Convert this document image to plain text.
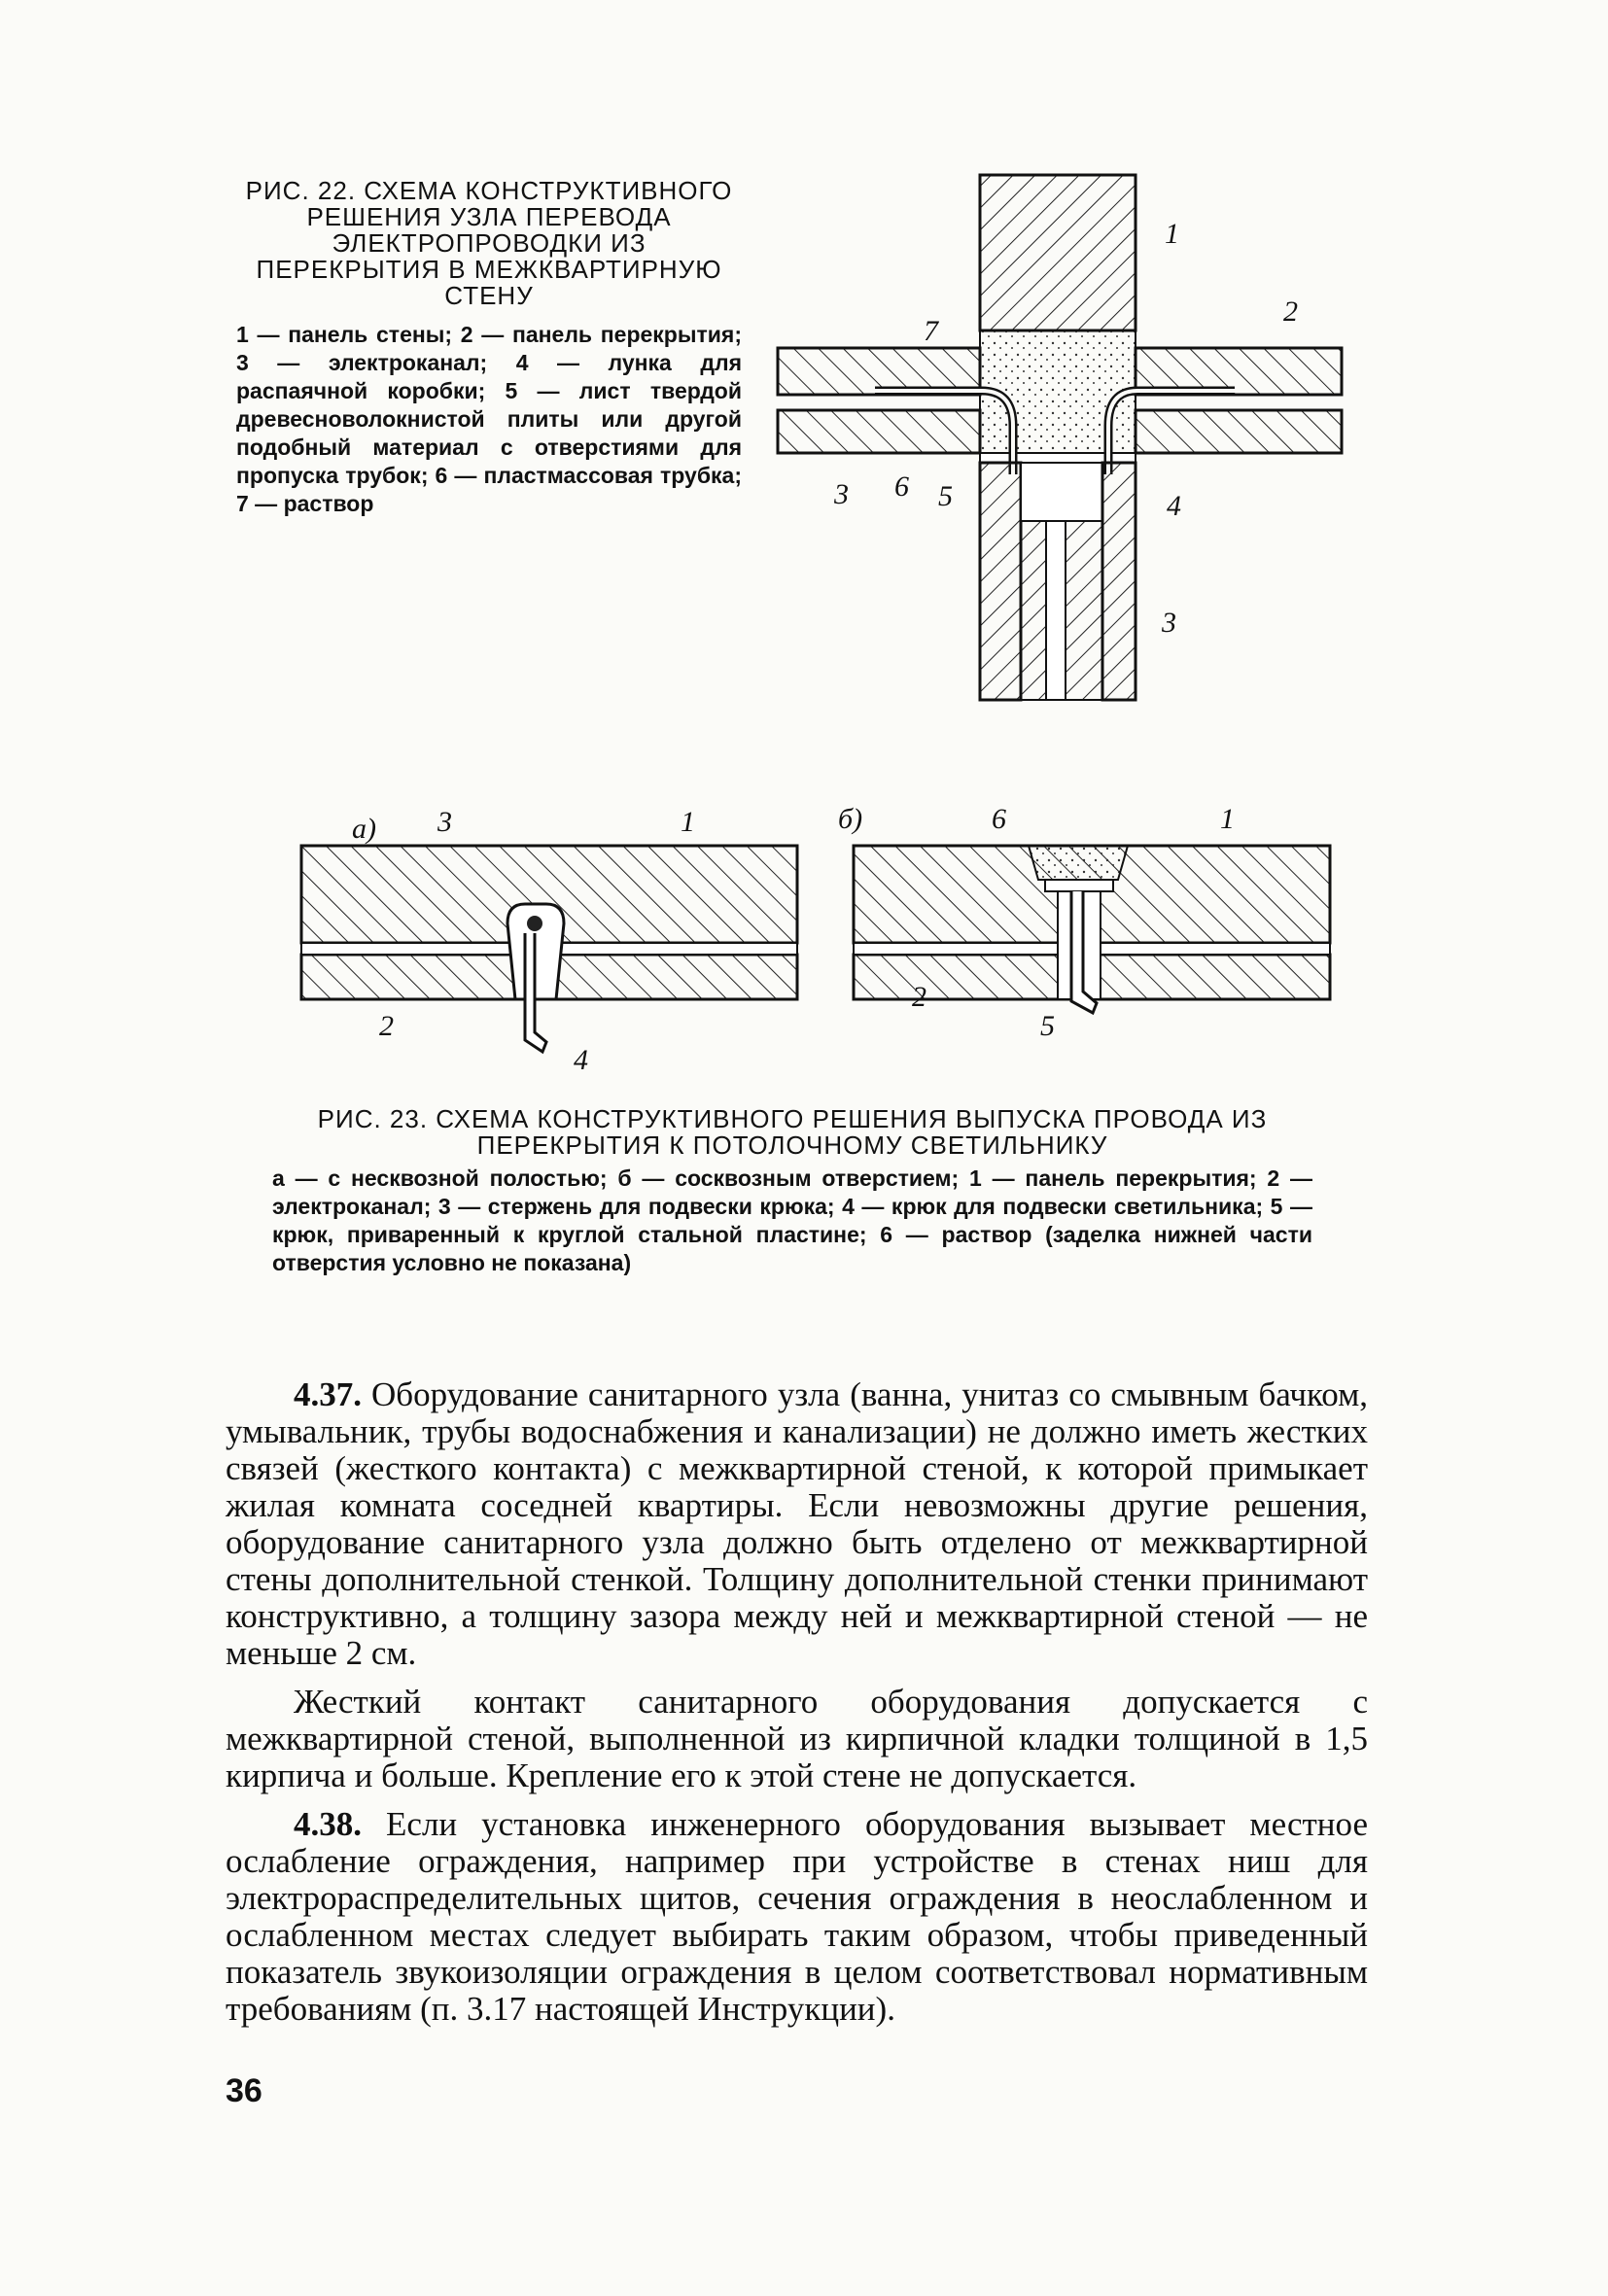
РИС. 22. СХЕМА КОНСТРУКТИВНОГО РЕШЕНИЯ УЗЛА ПЕРЕВОДА ЭЛЕКТРОПРОВОДКИ ИЗ ПЕРЕКРЫТИЯ В МЕЖКВАРТИРНУЮ СТЕНУ
1 — панель стены; 2 — панель перекрытия; 3 — электроканал; 4 — лунка для распаячной коробки; 5 — лист твердой древесноволокнистой плиты или другой подобный материал с отверстиями для пропуска трубок; 6 — пластмассовая трубка; 7 — раствор
1
2
3
3
4
5
6
7
а) 3	1
2
4
б)	6	1
2
5
РИС. 23. СХЕМА КОНСТРУКТИВНОГО РЕШЕНИЯ ВЫПУСКА ПРОВОДА ИЗ ПЕРЕКРЫТИЯ К ПОТОЛОЧНОМУ СВЕТИЛЬНИКУ
а — с несквозной полостью; б — сосквозным отверстием; 1 — панель перекрытия; 2 — электроканал; 3 — стержень для подвески крюка; 4 — крюк для подвески светильника; 5 — крюк, приваренный к круглой стальной пластине; 6 — раствор (заделка нижней части отверстия условно не показана)

4.37. Оборудование санитарного узла (ванна, унитаз со смывным бачком, умывальник, трубы водоснабжения и канализации) не должно иметь жестких связей (жесткого контакта) с межквартирной стеной, к которой примыкает жилая комната соседней квартиры. Если невозможны другие решения, оборудование санитарного узла должно быть отделено от межквартирной стены дополнительной стенкой. Толщину дополнительной стенки принимают конструктивно, а толщину зазора между ней и межквартирной стеной — не меньше 2 см.

Жесткий контакт санитарного оборудования допускается с межквартирной стеной, выполненной из кирпичной кладки толщиной в 1,5 кирпича и больше. Крепление его к этой стене не допускается.

4.38. Если установка инженерного оборудования вызывает местное ослабление ограждения, например при устройстве в стенах ниш для электрораспределительных щитов, сечения ограждения в неослабленном и ослабленном местах следует выбирать таким образом, чтобы приведенный показатель звукоизоляции ограждения в целом соответствовал нормативным требованиям (п. 3.17 настоящей Инструкции).

36
